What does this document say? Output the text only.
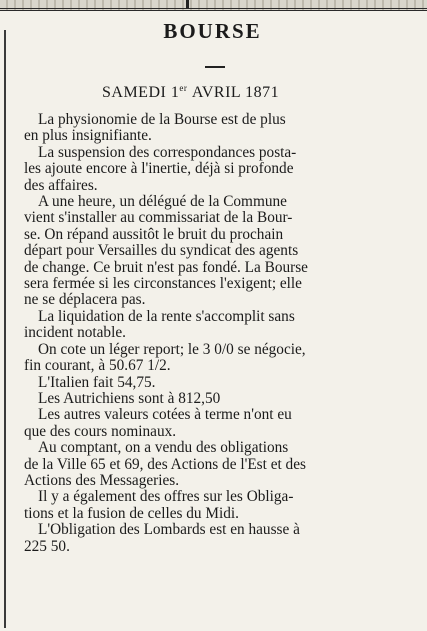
BOURSE
SAMEDI 1er AVRIL 1871
La physionomie de la Bourse est de plus
en plus insignifiante.
La suspension des correspondances posta-
les ajoute encore à l'inertie, déjà si profonde
des affaires.
A une heure, un délégué de la Commune
vient s'installer au commissariat de la Bour-
se. On répand aussitôt le bruit du prochain
départ pour Versailles du syndicat des agents
de change. Ce bruit n'est pas fondé. La Bourse
sera fermée si les circonstances l'exigent; elle
ne se déplacera pas.
La liquidation de la rente s'accomplit sans
incident notable.
On cote un léger report; le 3 0/0 se négocie,
fin courant, à 50.67 1/2.
L'Italien fait 54,75.
Les Autrichiens sont à 812,50
Les autres valeurs cotées à terme n'ont eu
que des cours nominaux.
Au comptant, on a vendu des obligations
de la Ville 65 et 69, des Actions de l'Est et des
Actions des Messageries.
Il y a également des offres sur les Obliga-
tions et la fusion de celles du Midi.
L'Obligation des Lombards est en hausse à
225 50.
